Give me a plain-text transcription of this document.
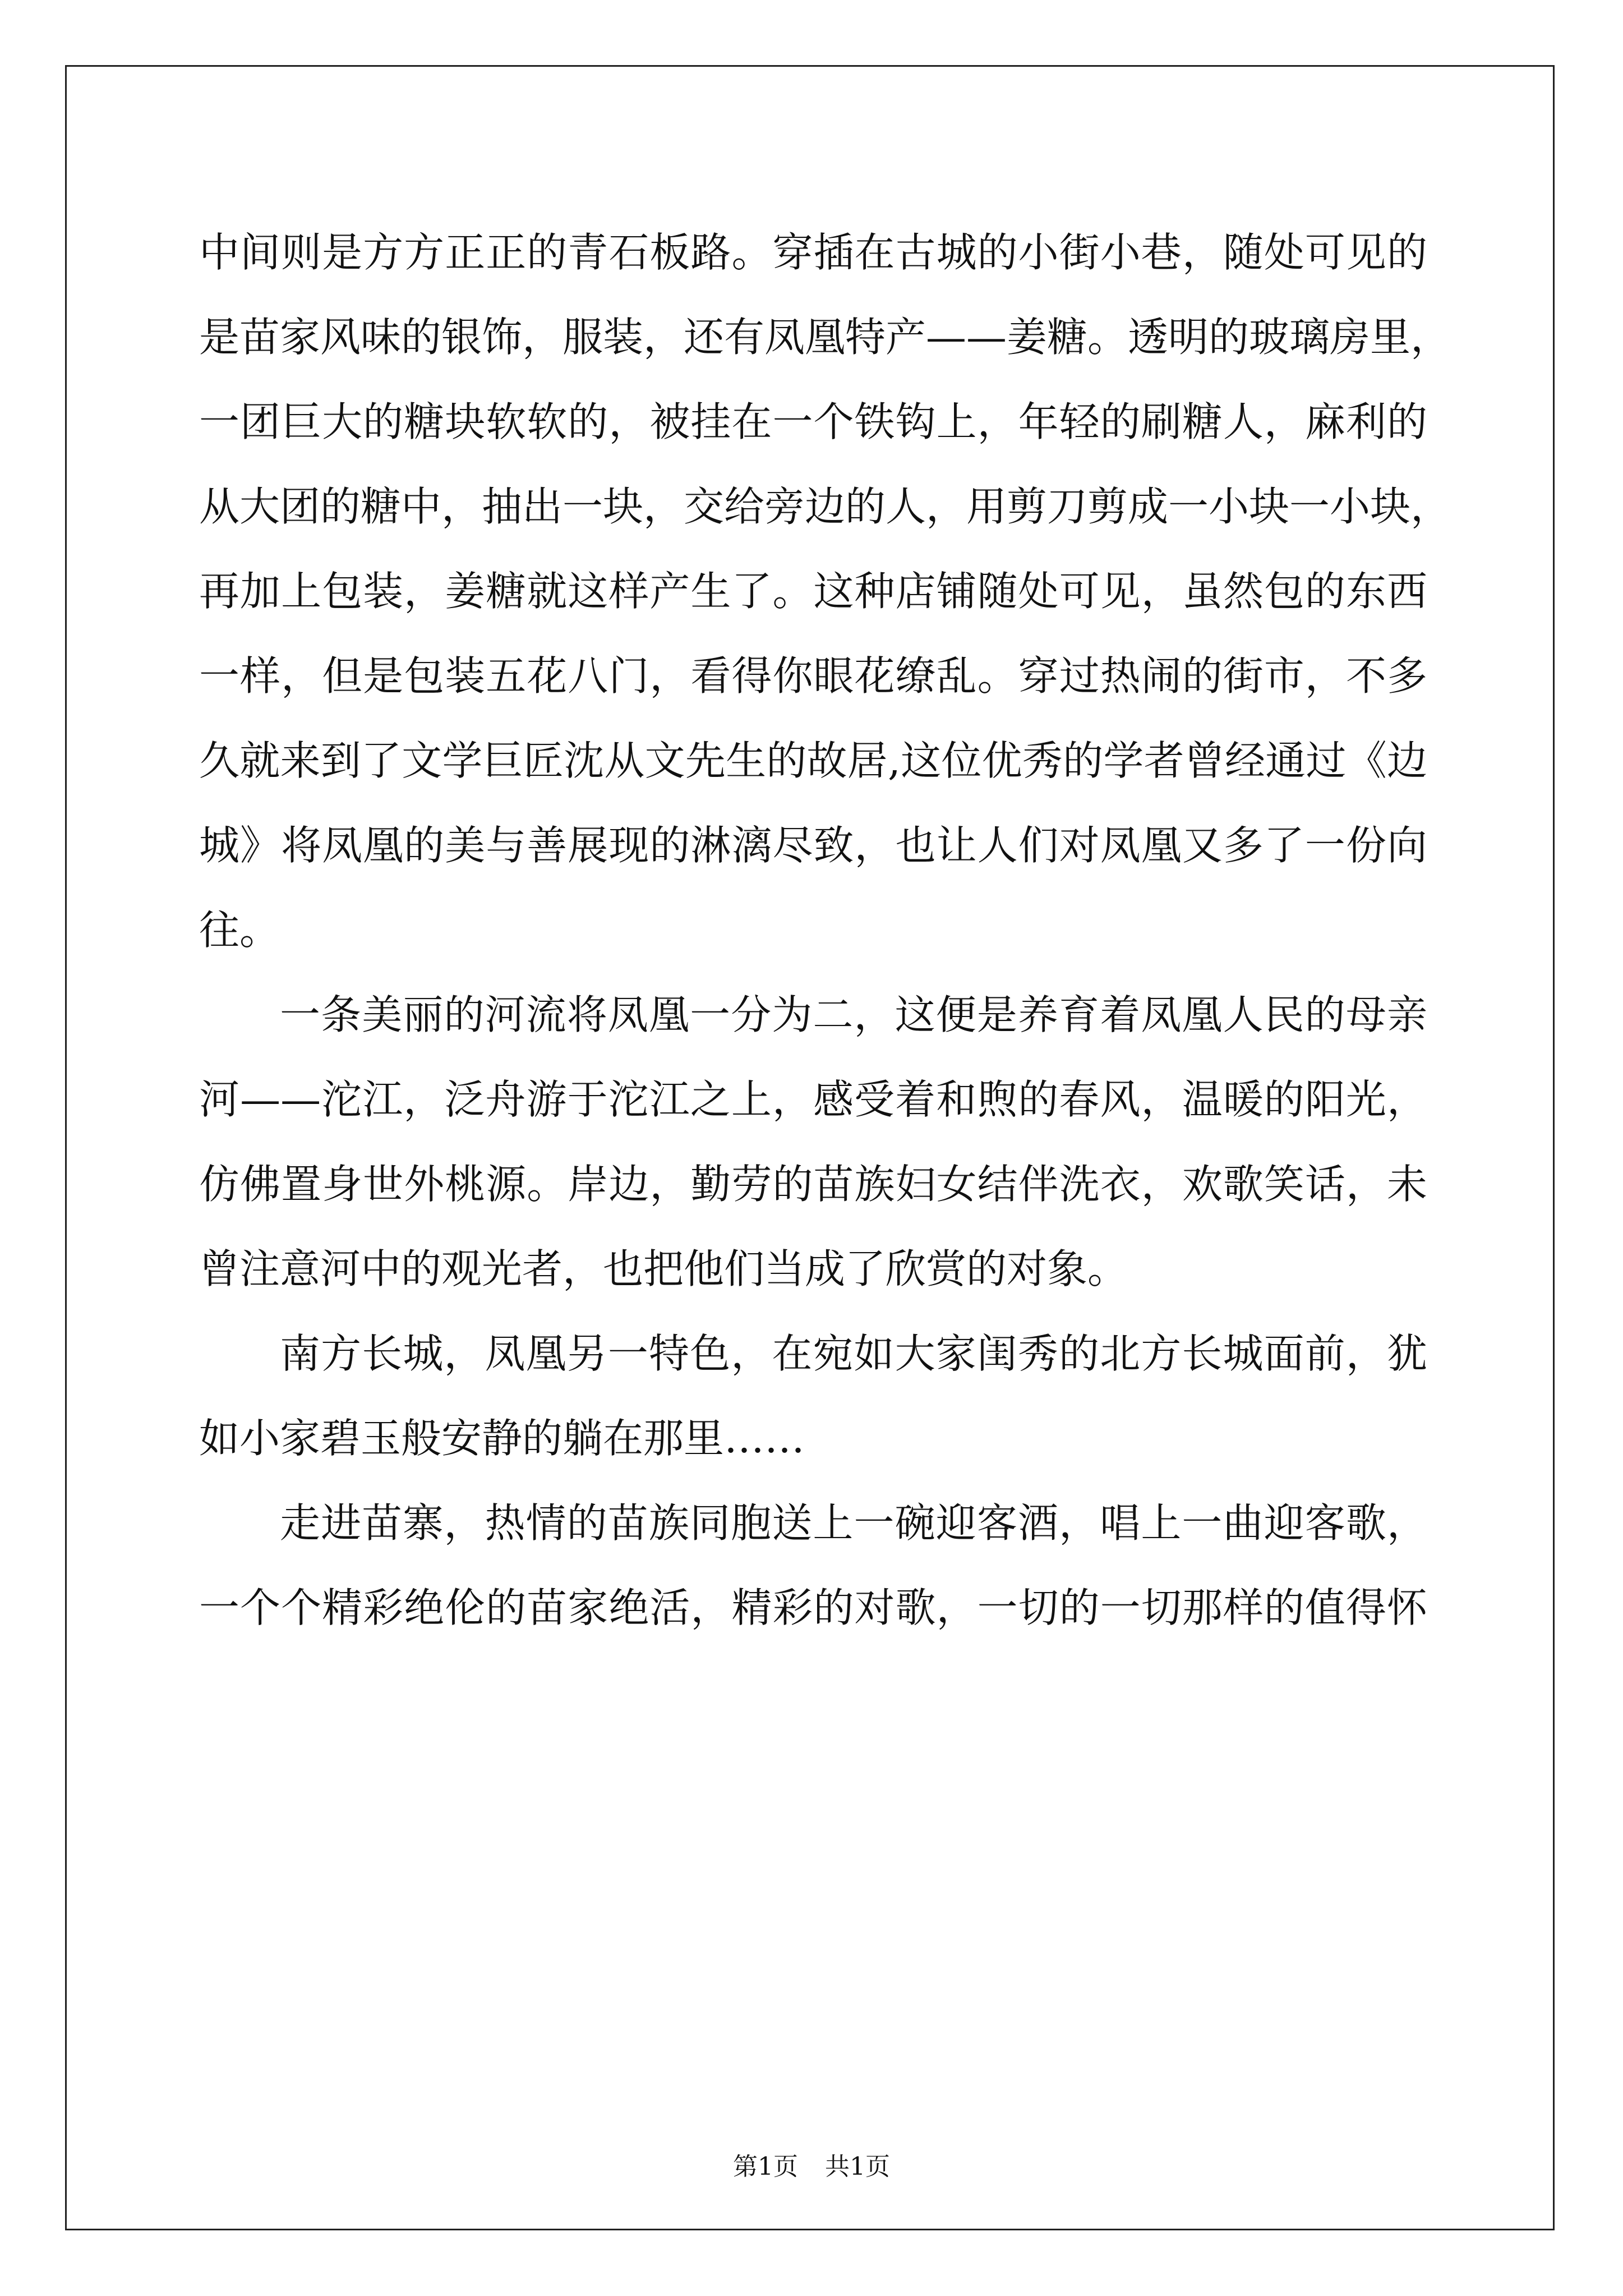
中间则是方方正正的青石板路。穿插在古城的小街小巷，随处可见的
是苗家风味的银饰，服装，还有凤凰特产——姜糖。透明的玻璃房里，
一团巨大的糖块软软的，被挂在一个铁钩上，年轻的刷糖人，麻利的
从大团的糖中，抽出一块，交给旁边的人，用剪刀剪成一小块一小块，
再加上包装，姜糖就这样产生了。这种店铺随处可见，虽然包的东西
一样，但是包装五花八门，看得你眼花缭乱。穿过热闹的街市，不多
久就来到了文学巨匠沈从文先生的故居,这位优秀的学者曾经通过《边
城》将凤凰的美与善展现的淋漓尽致，也让人们对凤凰又多了一份向
往。
一条美丽的河流将凤凰一分为二，这便是养育着凤凰人民的母亲
河——沱江，泛舟游于沱江之上，感受着和煦的春风，温暖的阳光，
仿佛置身世外桃源。岸边，勤劳的苗族妇女结伴洗衣，欢歌笑话，未
曾注意河中的观光者，也把他们当成了欣赏的对象。
南方长城，凤凰另一特色，在宛如大家闺秀的北方长城面前，犹
如小家碧玉般安静的躺在那里……
走进苗寨，热情的苗族同胞送上一碗迎客酒，唱上一曲迎客歌，
一个个精彩绝伦的苗家绝活，精彩的对歌，一切的一切那样的值得怀
第1页 共1页
